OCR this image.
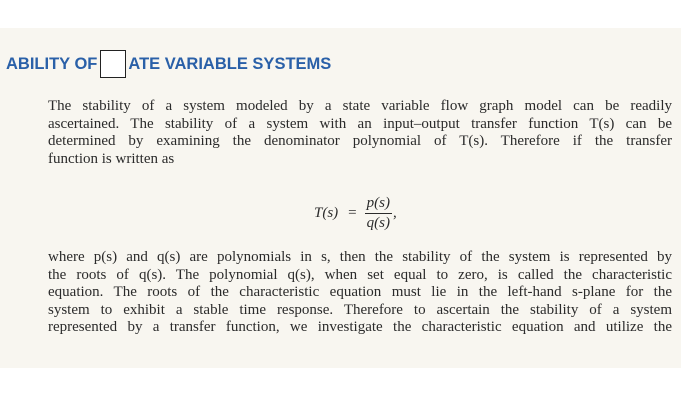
ABILITY OF ATE VARIABLE SYSTEMS

The stability of a system modeled by a state variable flow graph model can be readily
ascertained. The stability of a system with an input–output transfer function T(s) can be
determined by examining the denominator polynomial of T(s). Therefore if the transfer
function is written as

$T(s) = \frac{p(s)}{q(s)}$ ,

where p(s) and q(s) are polynomials in s, then the stability of the system is represented by
the roots of q(s). The polynomial q(s), when set equal to zero, is called the characteristic
equation. The roots of the characteristic equation must lie in the left-hand s-plane for the
system to exhibit a stable time response. Therefore to ascertain the stability of a system
represented by a transfer function, we investigate the characteristic equation and utilize the
